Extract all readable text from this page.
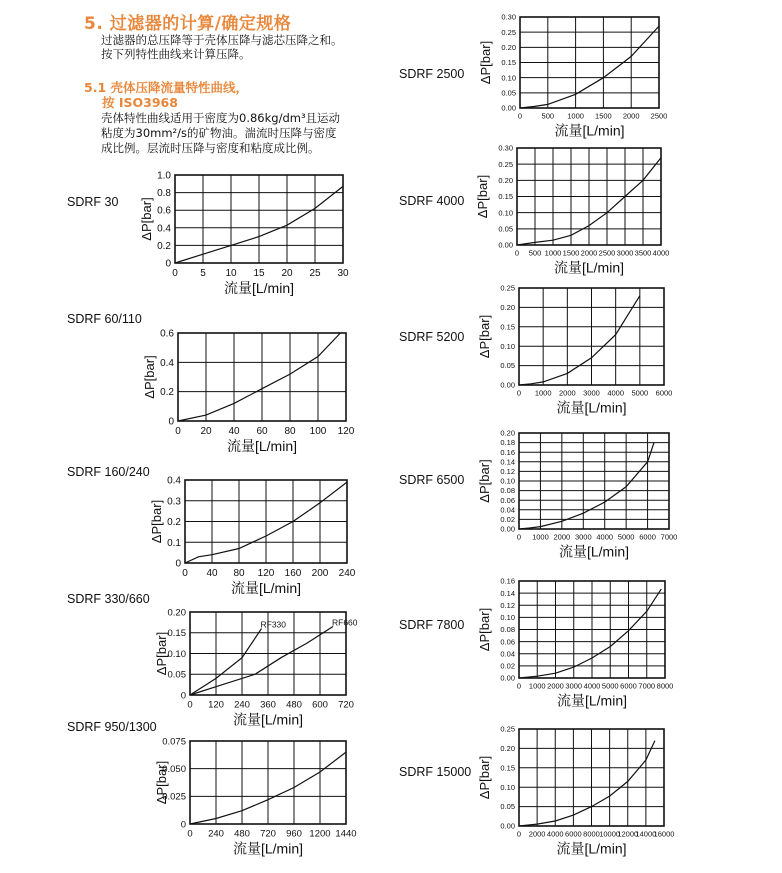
5. 过滤器的计算/确定规格
过滤器的总压降等于壳体压降与滤芯压降之和。
按下列特性曲线来计算压降。
5.1 壳体压降流量特性曲线，
按 ISO3968
壳体特性曲线适用于密度为0.86kg/dm³且运动
粘度为30mm²/s的矿物油。湍流时压降与密度
成比例。层流时压降与密度和粘度成比例。
SDRF 30
0 5 10 15 20 25 30
0
0.2
0.4
0.6
0.8
1.0
流量[L/min]
ΔP[bar]
SDRF 60/110
0 20 40 60 80 100 120
0
0.2
0.4
0.6
流量[L/min]
ΔP[bar]
SDRF 160/240
0 40 80 120 160 200 240
0
0.1
0.2
0.3
0.4
流量[L/min]
ΔP[bar]
SDRF 330/660
0 120 240 360 480 600 720
0
0.05
0.10
0.15
0.20
RF330	RF660
流量[L/min]
ΔP[bar]
SDRF 950/1300
0 240 480 720 960 1200 1440
0
0.025
0.050
0.075
流量[L/min]
ΔP[bar]
SDRF 2500
0	500 1000 1500 2000 2500
0.00
0.05
0.10
0.15
0.20
0.25
0.30
流量[L/min]
ΔP[bar]
SDRF 4000
0 500 1000 1500 2000 2500 3000 3500 4000
0.00
0.05
0.10
0.15
0.20
0.25
0.30
流量[L/min]
ΔP[bar]
SDRF 5200
0 1000 2000 3000 4000 5000 6000
0.00
0.05
0.10
0.15
0.20
0.25
流量[L/min]
ΔP[bar]
SDRF 6500
0 1000 2000 3000 4000 5000 6000 7000
0.00
0.02
0.04
0.06
0.08
0.10
0.12
0.14
0.16
0.18
0.20
流量[L/min]
ΔP[bar]
SDRF 7800
0 1000 2000 3000 4000 5000 6000 7000 8000
0.00
0.02
0.04
0.06
0.08
0.10
0.12
0.14
0.16
流量[L/min]
ΔP[bar]
SDRF 15000
0 2000 4000 6000 8000 10000
12000
14000
16000
0.00
0.05
0.10
0.15
0.20
0.25
流量[L/min]
ΔP[bar]
